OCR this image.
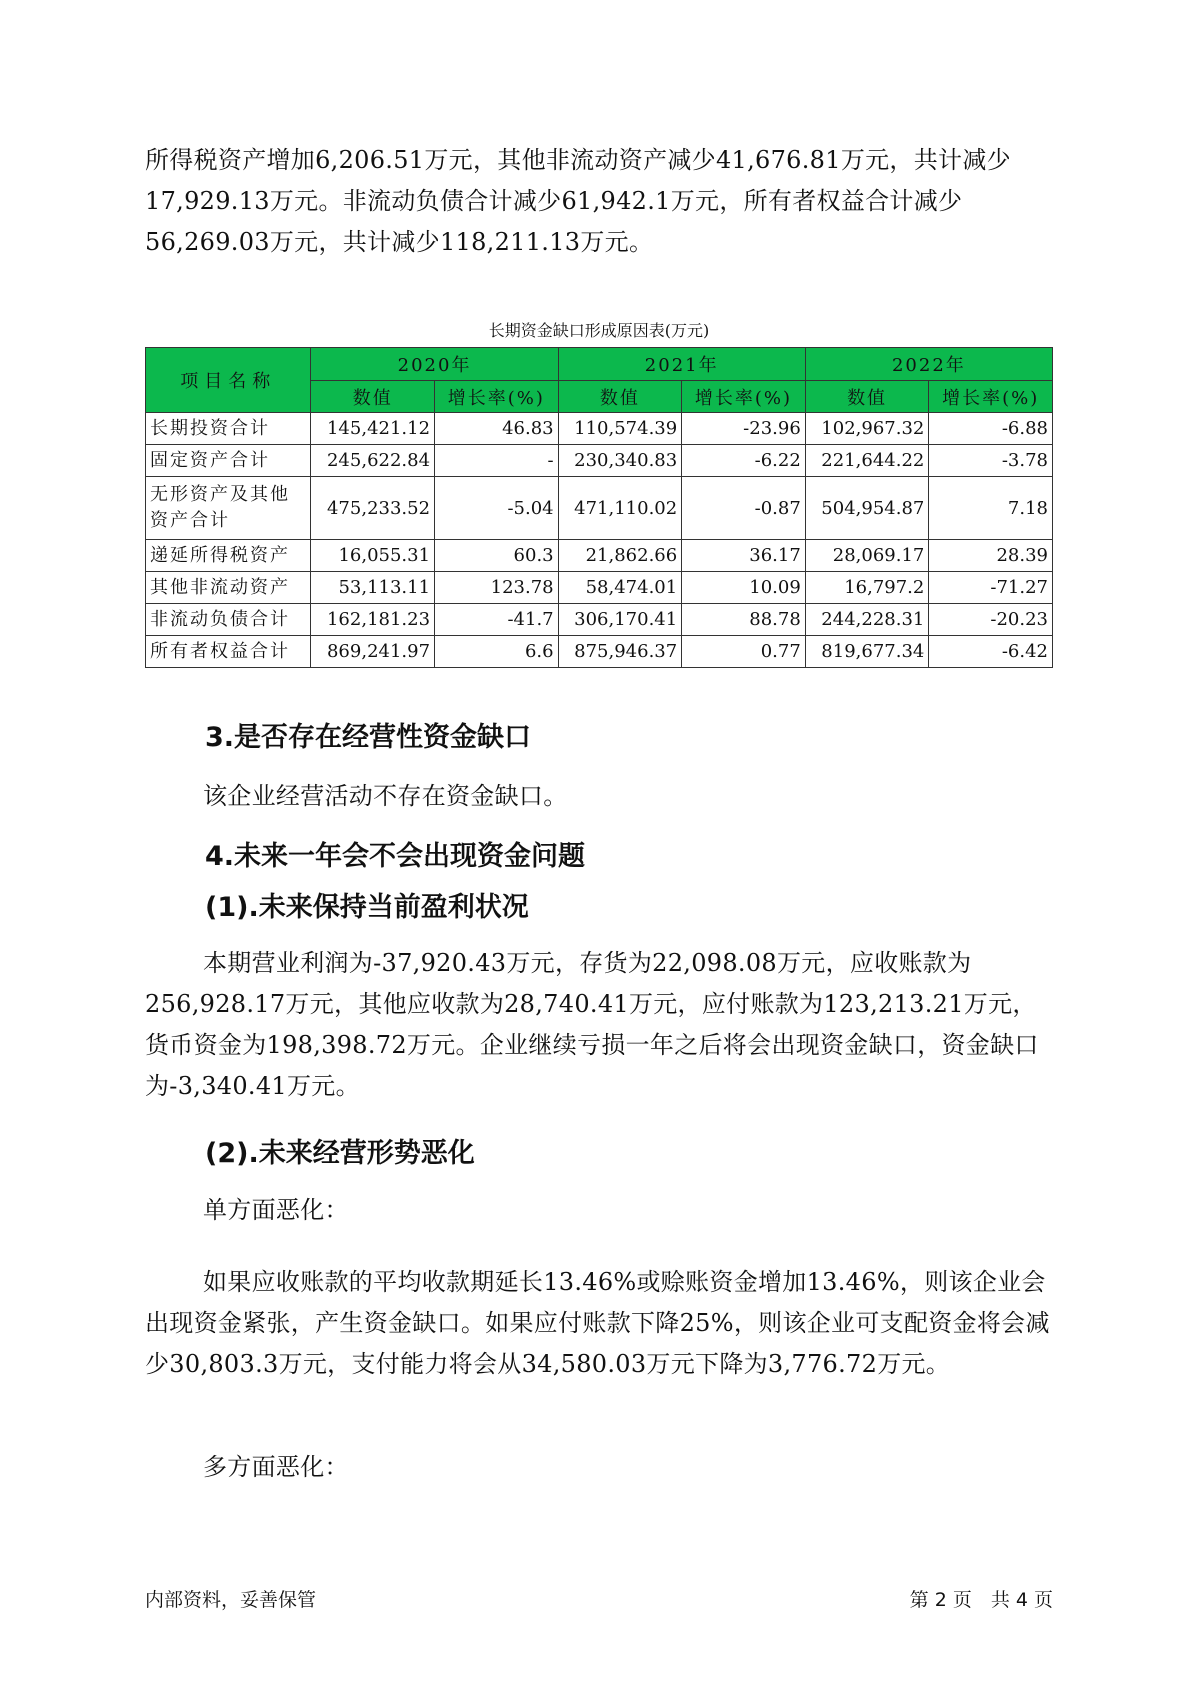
所得税资产增加6,206.51万元，其他非流动资产减少41,676.81万元，共计减少17,929.13万元。非流动负债合计减少61,942.1万元，所有者权益合计减少56,269.03万元，共计减少118,211.13万元。

长期资金缺口形成原因表(万元)

项目名称	2020年		2021年		2022年	
	数值	增长率(%)	数值	增长率(%)	数值	增长率(%)
长期投资合计	145,421.12	46.83	110,574.39	-23.96	102,967.32	-6.88
固定资产合计	245,622.84	-	230,340.83	-6.22	221,644.22	-3.78
无形资产及其他资产合计	475,233.52	-5.04	471,110.02	-0.87	504,954.87	7.18
递延所得税资产	16,055.31	60.3	21,862.66	36.17	28,069.17	28.39
其他非流动资产	53,113.11	123.78	58,474.01	10.09	16,797.2	-71.27
非流动负债合计	162,181.23	-41.7	306,170.41	88.78	244,228.31	-20.23
所有者权益合计	869,241.97	6.6	875,946.37	0.77	819,677.34	-6.42

3.是否存在经营性资金缺口

该企业经营活动不存在资金缺口。

4.未来一年会不会出现资金问题

(1).未来保持当前盈利状况

本期营业利润为-37,920.43万元，存货为22,098.08万元，应收账款为256,928.17万元，其他应收款为28,740.41万元，应付账款为123,213.21万元，货币资金为198,398.72万元。企业继续亏损一年之后将会出现资金缺口，资金缺口为-3,340.41万元。

(2).未来经营形势恶化

单方面恶化：

如果应收账款的平均收款期延长13.46%或赊账资金增加13.46%，则该企业会出现资金紧张，产生资金缺口。如果应付账款下降25%，则该企业可支配资金将会减少30,803.3万元，支付能力将会从34,580.03万元下降为3,776.72万元。

多方面恶化：

内部资料，妥善保管	第 2 页　共 4 页
